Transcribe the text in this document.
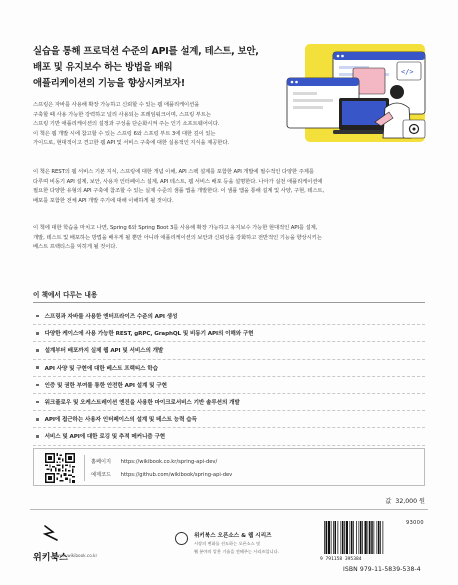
실습을 통해 프로덕션 수준의 API를 설계, 테스트, 보안,
배포 및 유지보수 하는 방법을 배워
애플리케이션의 기능을 향상시켜보자!
</>
스프링은 자바를 사용해 확장 가능하고 신뢰할 수 있는 웹 애플리케이션을
구축할 때 사용 가능한 강력하고 널리 사용되는 프레임워크이며, 스프링 부트는
스프링 기반 애플리케이션의 설정과 구성을 단순화시켜 주는 인기 소프트웨어이다.
이 책은 웹 개발 시에 참고할 수 있는 스프링 6와 스프링 부트 3에 대한 깊이 있는
가이드로, 현대적이고 견고한 웹 API 및 서비스 구축에 대한 실용적인 지식을 제공한다.
이 책은 REST의 웹 서비스 기본 지식, 스프링에 대한 개념 이해, API 스펙 설계를 포함한 API 개발에 필수적인 다양한 주제를
다루며 비동기 API 설계, 보안, 사용자 인터페이스 설계, API 테스트, 웹 서비스 배포 등을 설명한다. 나아가 실전 애플리케이션에
필요한 다양한 유형의 API 구축에 참조할 수 있는 실제 수준의 샘플 앱을 개발한다. 이 샘플 앱을 통해 설계 및 사양, 구현, 테스트,
배포를 포함한 전체 API 개발 주기에 대해 이해하게 될 것이다.
이 책에 대한 학습을 마치고 나면, Spring 6와 Spring Boot 3를 사용해 확장 가능하고 유지보수 가능한 현대적인 API를 설계,
개발, 테스트 및 배포하는 방법을 배우게 될 뿐만 아니라 애플리케이션의 보안과 신뢰성을 강화하고 전반적인 기능을 향상시키는
베스트 프랙티스를 익히게 될 것이다.
이 책에서 다루는 내용
스프링과 자바를 사용한 엔터프라이즈 수준의 API 생성
다양한 케이스에 사용 가능한 REST, gRPC, GraphQL 및 비동기 API의 이해와 구현
설계부터 배포까지 실제 웹 API 및 서비스의 개발
API 사양 및 구현에 대한 베스트 프랙티스 학습
인증 및 권한 부여를 통한 안전한 API 설계 및 구현
워크플로우 및 오케스트레이션 엔진을 사용한 마이크로서비스 기반 솔루션의 개발
API에 접근하는 사용자 인터페이스의 설계 및 테스트 능력 습득
서비스 및 API에 대한 로깅 및 추적 메커니즘 구현
홈페이지 https://wikibook.co.kr/spring-api-dev/
예제코드 https://github.com/wikibook/spring-api-dev
값 32,000 원
위키북스
www.wikibook.co.kr
위키북스 오픈소스 & 웹 시리즈
시장의 변화를 선도하는 오픈소스 및
웹 분야의 알찬 기술을 전해주는 시리즈입니다.
9 791158 395384
93000
ISBN 979-11-5839-538-4
